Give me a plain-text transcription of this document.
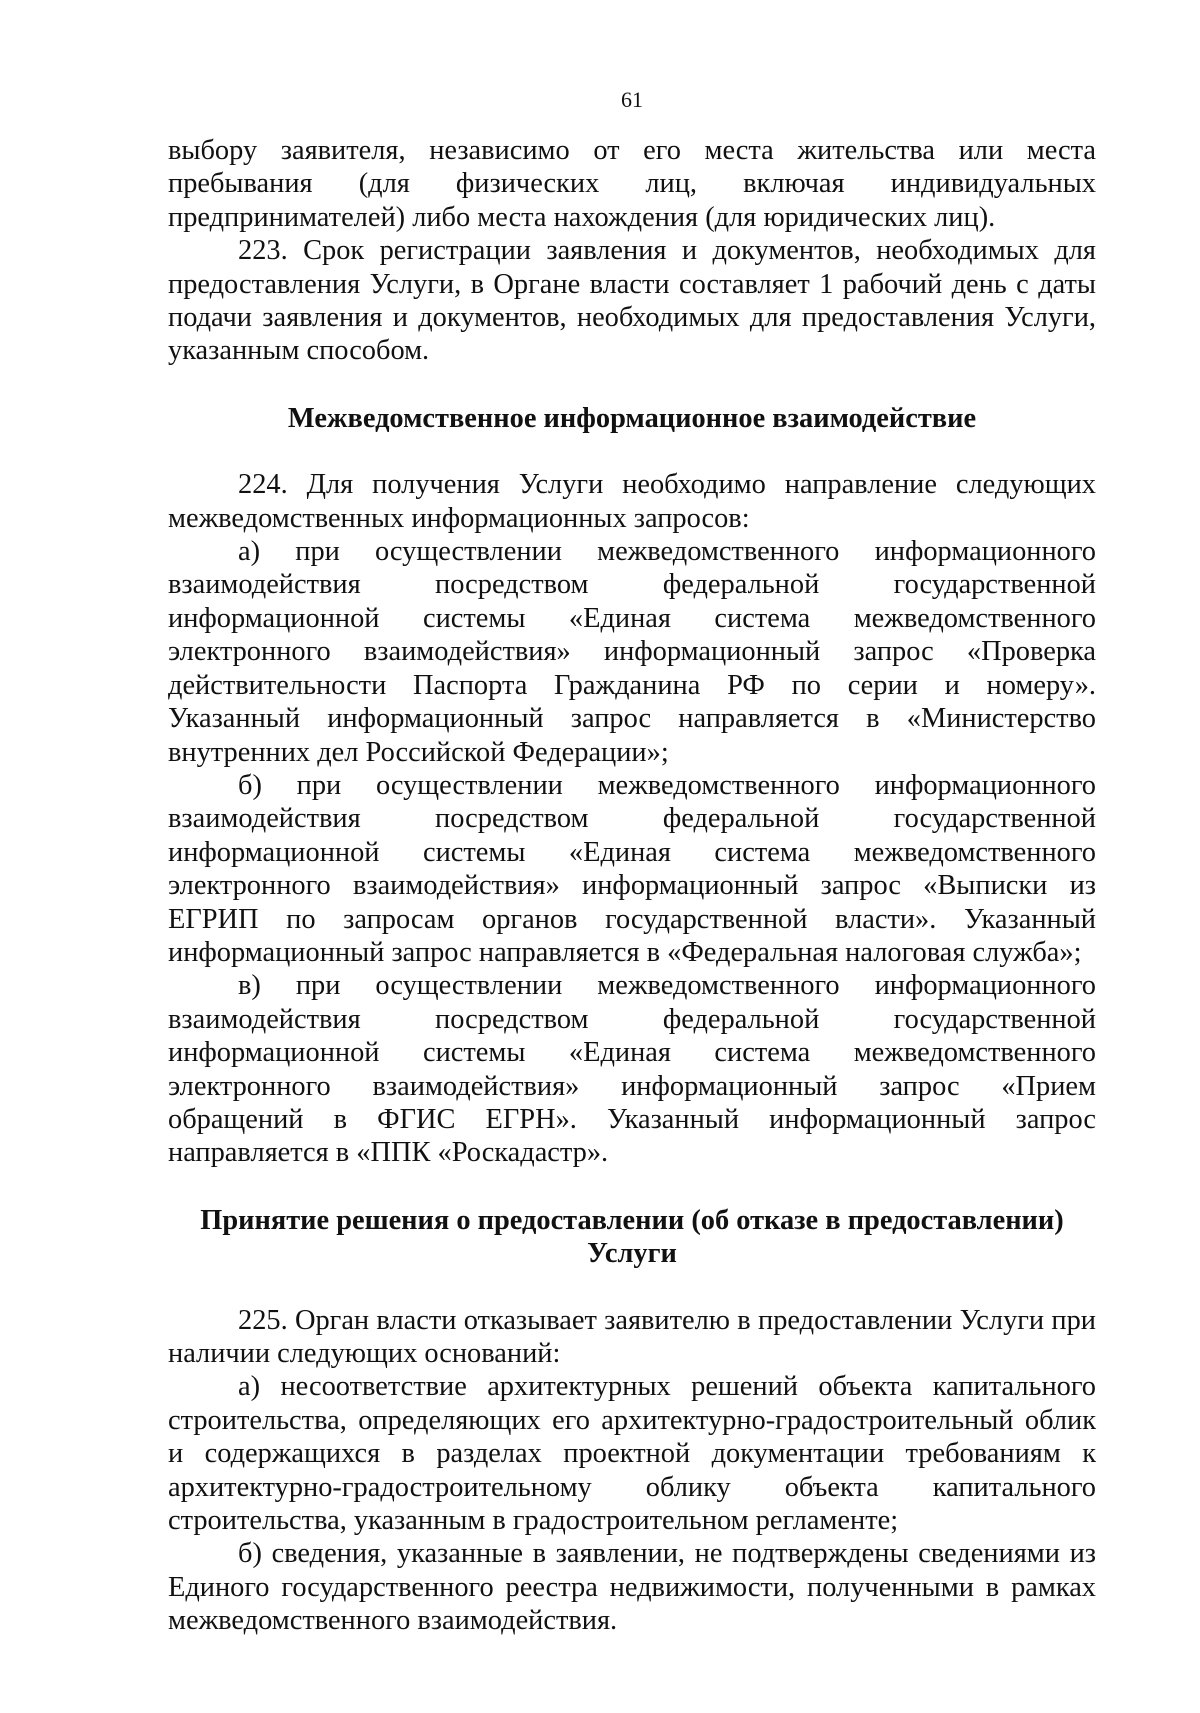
61

выбору заявителя, независимо от его места жительства или места пребывания (для физических лиц, включая индивидуальных предпринимателей) либо места нахождения (для юридических лиц).

223. Срок регистрации заявления и документов, необходимых для предоставления Услуги, в Органе власти составляет 1 рабочий день с даты подачи заявления и документов, необходимых для предоставления Услуги, указанным способом.

Межведомственное информационное взаимодействие

224. Для получения Услуги необходимо направление следующих межведомственных информационных запросов:

а) при осуществлении межведомственного информационного взаимодействия посредством федеральной государственной информационной системы «Единая система межведомственного электронного взаимодействия» информационный запрос «Проверка действительности Паспорта Гражданина РФ по серии и номеру». Указанный информационный запрос направляется в «Министерство внутренних дел Российской Федерации»;

б) при осуществлении межведомственного информационного взаимодействия посредством федеральной государственной информационной системы «Единая система межведомственного электронного взаимодействия» информационный запрос «Выписки из ЕГРИП по запросам органов государственной власти». Указанный информационный запрос направляется в «Федеральная налоговая служба»;

в) при осуществлении межведомственного информационного взаимодействия посредством федеральной государственной информационной системы «Единая система межведомственного электронного взаимодействия» информационный запрос «Прием обращений в ФГИС ЕГРН». Указанный информационный запрос направляется в «ППК «Роскадастр».

Принятие решения о предоставлении (об отказе в предоставлении) Услуги

225. Орган власти отказывает заявителю в предоставлении Услуги при наличии следующих оснований:

а) несоответствие архитектурных решений объекта капитального строительства, определяющих его архитектурно-градостроительный облик и содержащихся в разделах проектной документации требованиям к архитектурно-градостроительному облику объекта капитального строительства, указанным в градостроительном регламенте;

б) сведения, указанные в заявлении, не подтверждены сведениями из Единого государственного реестра недвижимости, полученными в рамках межведомственного взаимодействия.
